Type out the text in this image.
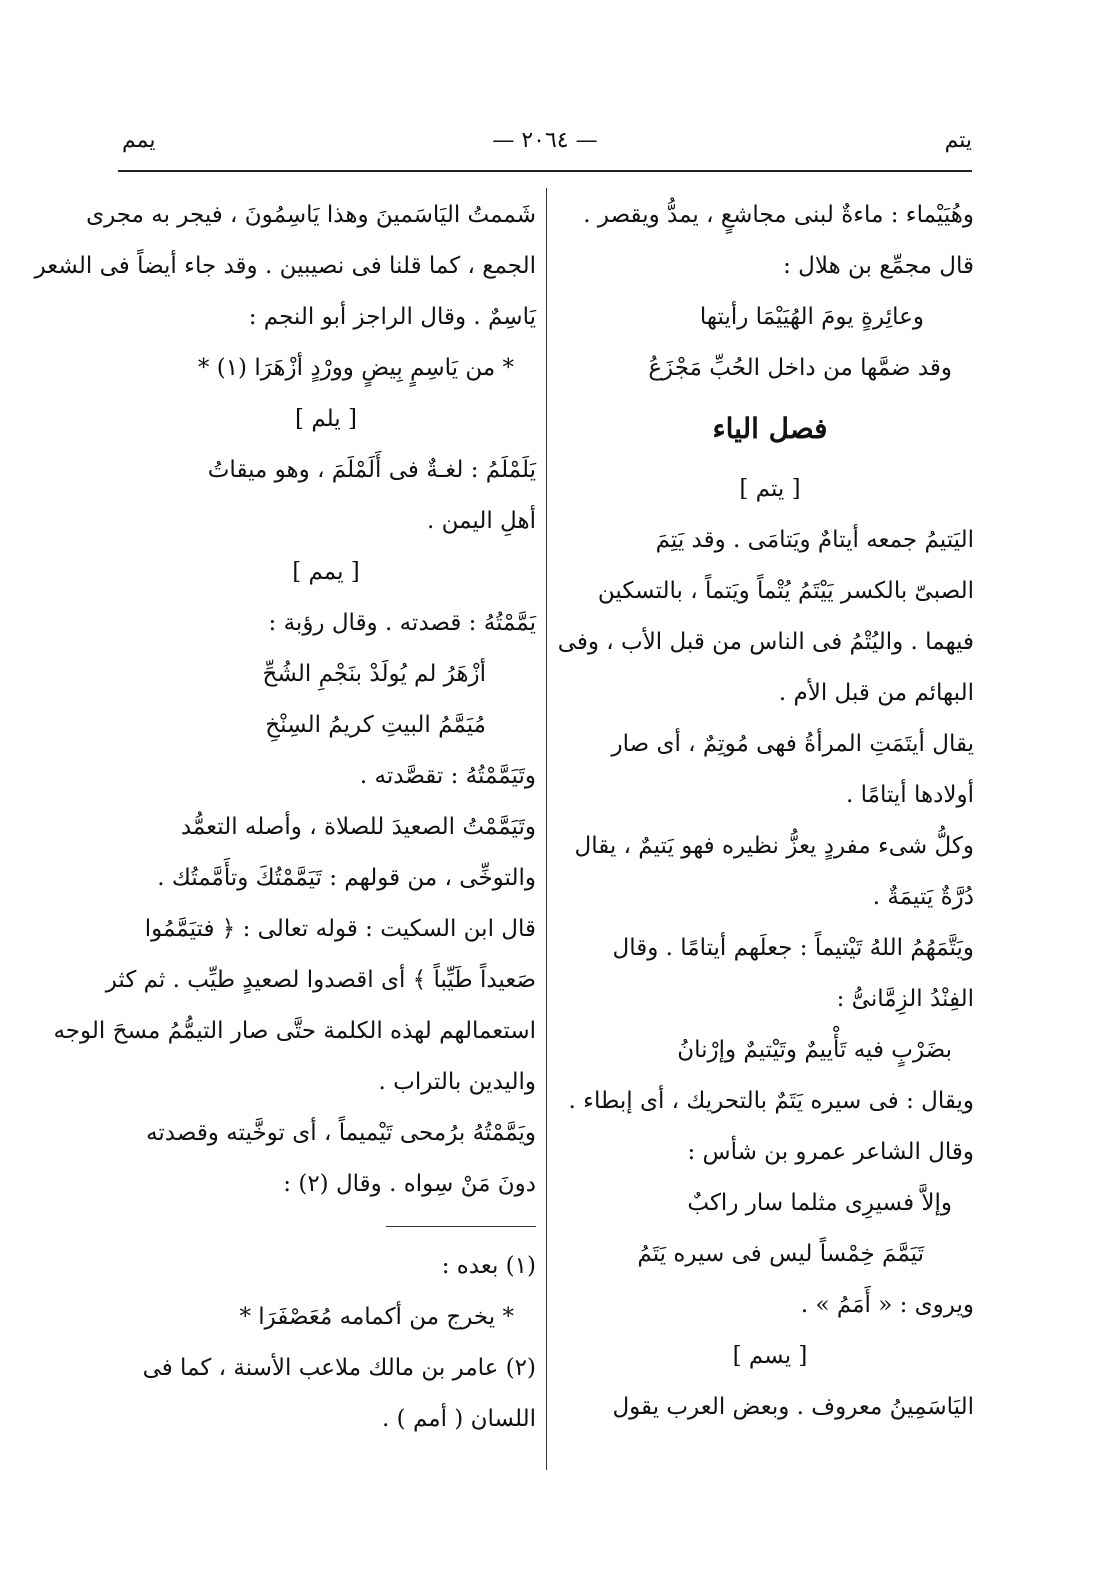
— ٢٠٦٤ —	يتم
يمم
وهُيَيْماء : ماءةٌ لبنى مجاشعٍ ، يمدُّ ويقصر .
قال مجمِّع بن هلال :
وعائِرةٍ يومَ الهُيَيْمَا رأيتها
وقد ضمَّها من داخل الحُبِّ مَجْزَعُ
فصل الياء
[ يتم ]
اليَتيمُ جمعه أيتامٌ ويَتامَى . وقد يَتِمَ
الصبىّ بالكسر يَيْتَمُ يُتْماً ويَتماً ، بالتسكين
فيهما . واليُتْمُ فى الناس من قبل الأب ، وفى
البهائم من قبل الأم .
يقال أيتَمَتِ المرأةُ فهى مُوتِمٌ ، أى صار
أولادها أيتامًا .
وكلُّ شىء مفردٍ يعزُّ نظيره فهو يَتيمٌ ، يقال
دُرَّةٌ يَتيمَةٌ .
ويَتَّمَهُمُ اللهُ تَيْتيماً : جعلَهم أيتامًا . وقال
الفِنْدُ الزِمَّانىُّ :
بضَرْبٍ فيه تَأْييمٌ وتَيْتيمٌ وإرْنانُ
ويقال : فى سيره يَتَمٌ بالتحريك ، أى إبطاء .
وقال الشاعر عمرو بن شأس :
وإلاَّ فسيرِى مثلما سار راكبٌ
تَيَمَّمَ خِمْساً ليس فى سيره يَتَمُ
ويروى : « أَمَمُ » .
[ يسم ]
اليَاسَمِينُ معروف . وبعض العرب يقول
شَممتُ اليَاسَمينَ وهذا يَاسِمُونَ ، فيجر به مجرى
الجمع ، كما قلنا فى نصيبين . وقد جاء أيضاً فى الشعر
يَاسِمٌ . وقال الراجز أبو النجم :
* من يَاسِمٍ بِيضٍ وورْدٍ أزْهَرَا (١) *
[ يلم ]
يَلَمْلَمُ : لغـةٌ فى أَلَمْلَمَ ، وهو ميقاتُ
أهلِ اليمن .
[ يمم ]
يَمَّمْتُهُ : قصدته . وقال رؤبة :
أزْهَرُ لم يُولَدْ بنَجْمِ الشُحِّ
مُيَمَّمُ البيتِ كريمُ السِنْخِ
وتَيَمَّمْتُهُ : تقصَّدته .
وتَيَمَّمْتُ الصعيدَ للصلاة ، وأصله التعمُّد
والتوخِّى ، من قولهم : تَيَمَّمْتُكَ وتأَمَّمتُك .
قال ابن السكيت : قوله تعالى : ﴿ فتيَمَّمُوا
صَعيداً طَيِّباً ﴾ أى اقصدوا لصعيدٍ طيِّب . ثم كثر
استعمالهم لهذه الكلمة حتَّى صار التيمُّمُ مسحَ الوجه
واليدين بالتراب .
ويَمَّمْتُهُ برُمحى تَيْميماً ، أى توخَّيته وقصدته
دونَ مَنْ سِواه . وقال (٢) :
(١) بعده :
* يخرج من أكمامه مُعَصْفَرَا *
(٢) عامر بن مالك ملاعب الأسنة ، كما فى
اللسان ( أمم ) .
